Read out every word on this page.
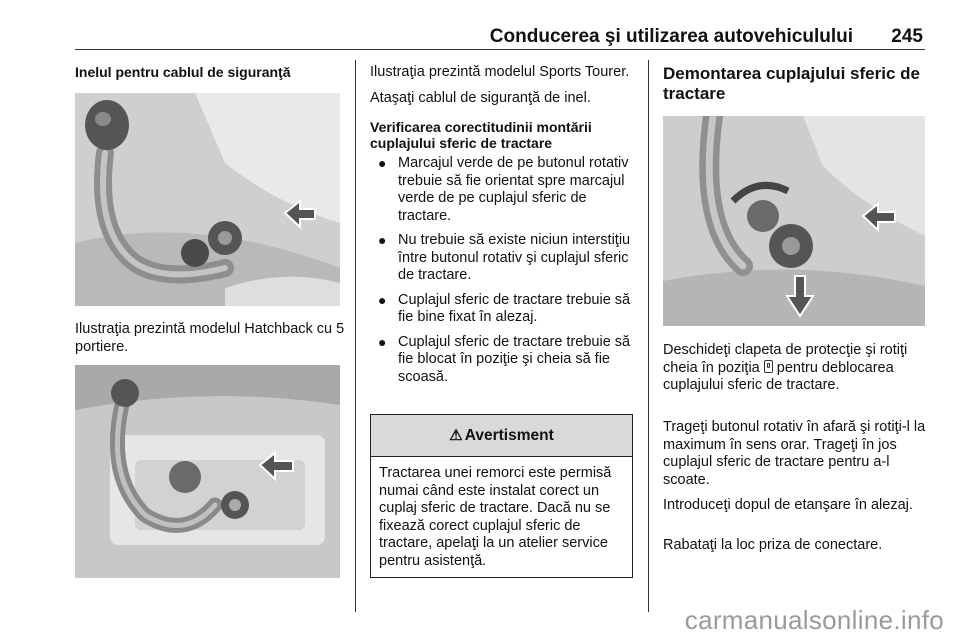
Conducerea şi utilizarea autovehiculului 245
Inelul pentru cablul de siguranţă
Ilustraţia prezintă modelul Hatchback cu 5 portiere.
Ilustraţia prezintă modelul Sports Tourer.
Ataşaţi cablul de siguranţă de inel.
Verificarea corectitudinii montării cuplajului sferic de tractare
● Marcajul verde de pe butonul rotativ trebuie să fie orientat spre marcajul verde de pe cuplajul sferic de tractare.
● Nu trebuie să existe niciun interstiţiu între butonul rotativ şi cuplajul sferic de tractare.
● Cuplajul sferic de tractare trebuie să fie bine fixat în alezaj.
● Cuplajul sferic de tractare trebuie să fie blocat în poziţie şi cheia să fie scoasă.
⚠ Avertisment
Tractarea unei remorci este permisă numai când este instalat corect un cuplaj sferic de tractare. Dacă nu se fixează corect cuplajul sferic de tractare, apelaţi la un atelier service pentru asistenţă.
Demontarea cuplajului sferic de tractare
Deschideţi clapeta de protecţie şi rotiţi cheia în poziţia
pentru deblocarea cuplajului sferic de tractare.
Trageţi butonul rotativ în afară şi rotiţi-l la maximum în sens orar. Trageţi în jos cuplajul sferic de tractare pentru a-l scoate.
Introduceţi dopul de etanşare în alezaj.
Rabataţi la loc priza de conectare.
carmanualsonline.info
